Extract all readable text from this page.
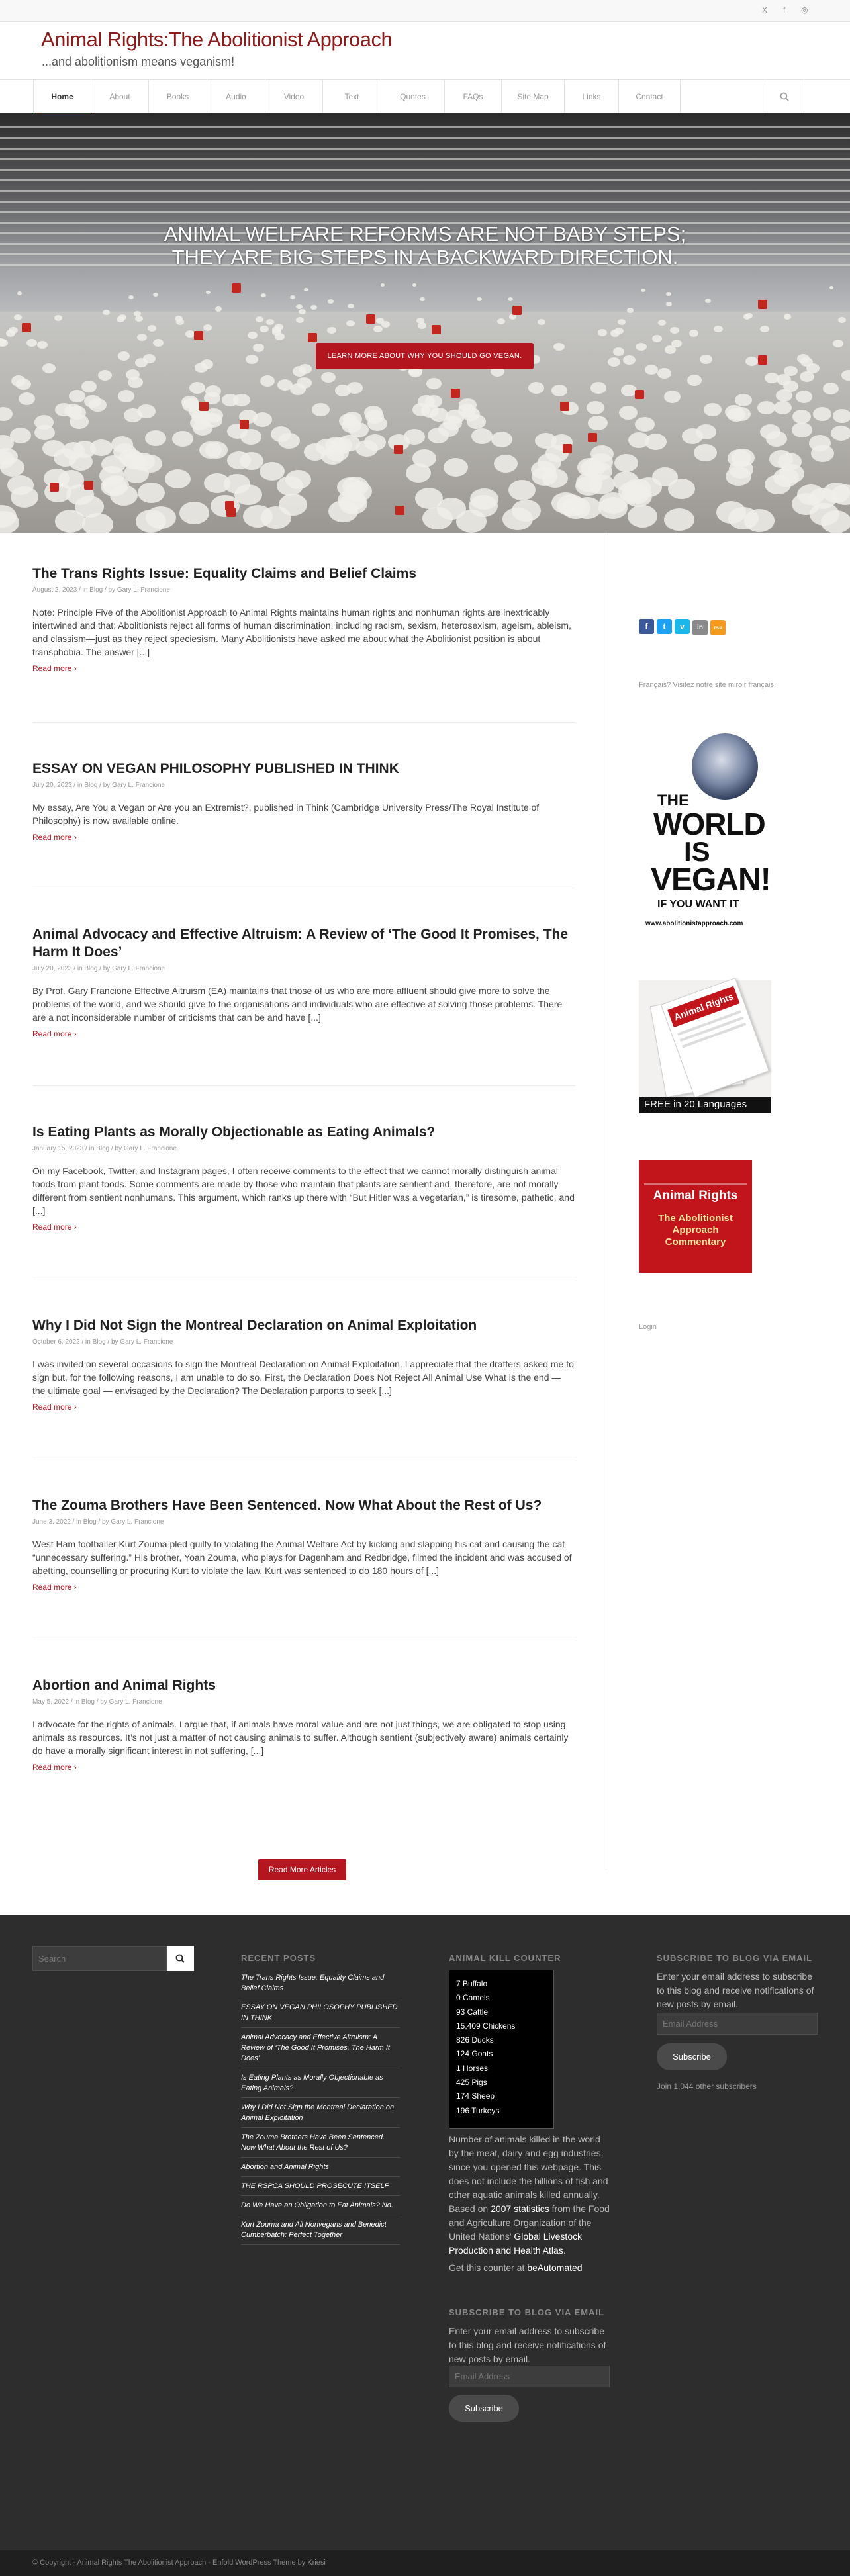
X f ◎
Animal Rights:The Abolitionist Approach
...and abolitionism means veganism!
Home	About	Books	Audio	Video	Text	Quotes	FAQs	Site Map	Links	Contact
ANIMAL WELFARE REFORMS ARE NOT BABY STEPS;
THEY ARE BIG STEPS IN A BACKWARD DIRECTION.
LEARN MORE ABOUT WHY YOU SHOULD GO VEGAN.
The Trans Rights Issue: Equality Claims and Belief Claims
August 2, 2023 / in Blog / by Gary L. Francione
Note: Principle Five of the Abolitionist Approach to Animal Rights maintains human rights and nonhuman rights are inextricably intertwined and that: Abolitionists reject all forms of human discrimination, including racism, sexism, heterosexism, ageism, ableism, and classism—just as they reject speciesism. Many Abolitionists have asked me about what the Abolitionist position is about transphobia. The answer [...]
Read more ›
ESSAY ON VEGAN PHILOSOPHY PUBLISHED IN THINK
July 20, 2023 / in Blog / by Gary L. Francione
My essay, Are You a Vegan or Are you an Extremist?, published in Think (Cambridge University Press/The Royal Institute of Philosophy) is now available online.
Read more ›
Animal Advocacy and Effective Altruism: A Review of ‘The Good It Promises, The Harm It Does’
July 20, 2023 / in Blog / by Gary L. Francione
By Prof. Gary Francione Effective Altruism (EA) maintains that those of us who are more affluent should give more to solve the problems of the world, and we should give to the organisations and individuals who are effective at solving those problems. There are a not inconsiderable number of criticisms that can be and have [...]
Read more ›
Is Eating Plants as Morally Objectionable as Eating Animals?
January 15, 2023 / in Blog / by Gary L. Francione
On my Facebook, Twitter, and Instagram pages, I often receive comments to the effect that we cannot morally distinguish animal foods from plant foods. Some comments are made by those who maintain that plants are sentient and, therefore, are not morally different from sentient nonhumans. This argument, which ranks up there with “But Hitler was a vegetarian,” is tiresome, pathetic, and [...]
Read more ›
Why I Did Not Sign the Montreal Declaration on Animal Exploitation
October 6, 2022 / in Blog / by Gary L. Francione
I was invited on several occasions to sign the Montreal Declaration on Animal Exploitation. I appreciate that the drafters asked me to sign but, for the following reasons, I am unable to do so. First, the Declaration Does Not Reject All Animal Use What is the end — the ultimate goal — envisaged by the Declaration? The Declaration purports to seek [...]
Read more ›
The Zouma Brothers Have Been Sentenced. Now What About the Rest of Us?
June 3, 2022 / in Blog / by Gary L. Francione
West Ham footballer Kurt Zouma pled guilty to violating the Animal Welfare Act by kicking and slapping his cat and causing the cat “unnecessary suffering.” His brother, Yoan Zouma, who plays for Dagenham and Redbridge, filmed the incident and was accused of abetting, counselling or procuring Kurt to violate the law. Kurt was sentenced to do 180 hours of [...]
Read more ›
Abortion and Animal Rights
May 5, 2022 / in Blog / by Gary L. Francione
I advocate for the rights of animals. I argue that, if animals have moral value and are not just things, we are obligated to stop using animals as resources. It’s not just a matter of not causing animals to suffer. Although sentient (subjectively aware) animals certainly do have a morally significant interest in not suffering, [...]
Read more ›
Read More Articles
f t v in rss
Français? Visitez notre site miroir français.
THE
WORLD
IS
VEGAN!
IF YOU WANT IT
www.abolitionistapproach.com
Animal Rights
FREE in 20 Languages
Animal Rights
The Abolitionist
Approach
Commentary
Login
Search
RECENT POSTS
The Trans Rights Issue: Equality Claims and Belief Claims
ESSAY ON VEGAN PHILOSOPHY PUBLISHED IN THINK
Animal Advocacy and Effective Altruism: A Review of ‘The Good It Promises, The Harm It Does’
Is Eating Plants as Morally Objectionable as Eating Animals?
Why I Did Not Sign the Montreal Declaration on Animal Exploitation
The Zouma Brothers Have Been Sentenced. Now What About the Rest of Us?
Abortion and Animal Rights
THE RSPCA SHOULD PROSECUTE ITSELF
Do We Have an Obligation to Eat Animals? No.
Kurt Zouma and All Nonvegans and Benedict Cumberbatch: Perfect Together
ANIMAL KILL COUNTER
7 Buffalo
0 Camels
93 Cattle
15,409 Chickens
826 Ducks
124 Goats
1 Horses
425 Pigs
174 Sheep
196 Turkeys
Number of animals killed in the world by the meat, dairy and egg industries, since you opened this webpage. This does not include the billions of fish and other aquatic animals killed annually.
Based on 2007 statistics from the Food and Agriculture Organization of the United Nations' Global Livestock Production and Health Atlas.
Get this counter at beAutomated
SUBSCRIBE TO BLOG VIA EMAIL
Enter your email address to subscribe to this blog and receive notifications of new posts by email.
Email Address
Subscribe
SUBSCRIBE TO BLOG VIA EMAIL
Enter your email address to subscribe to this blog and receive notifications of new posts by email.
Email Address
Subscribe
Join 1,044 other subscribers
© Copyright - Animal Rights The Abolitionist Approach - Enfold WordPress Theme by Kriesi
